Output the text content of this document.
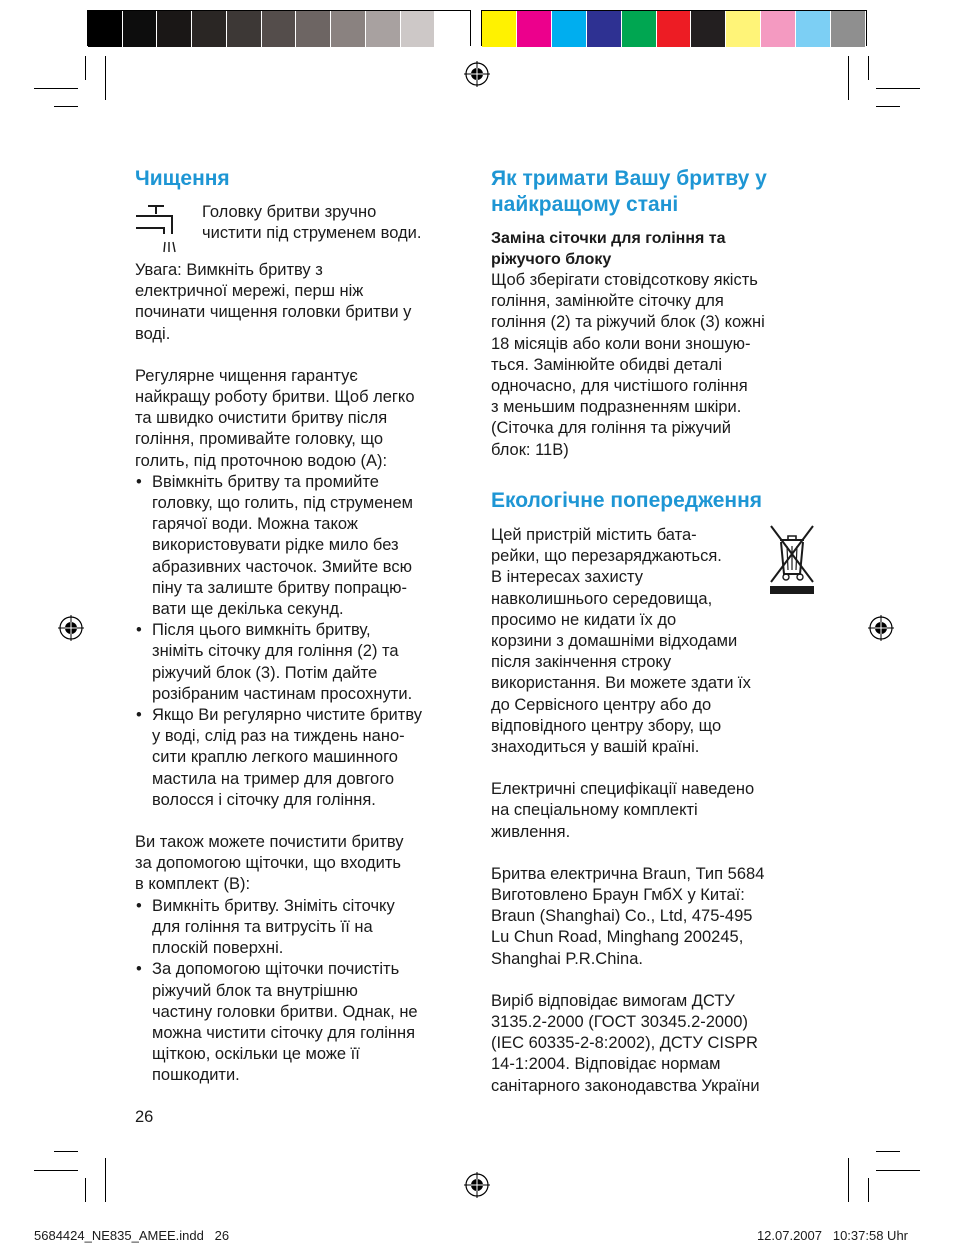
Чищення

Головку бритви зручно

чистити під струменем води.

Увага: Вимкніть бритву з

електричної мережі, перш ніж

починати чищення головки бритви у

воді.

Регулярне чищення гарантує

найкращу роботу бритви. Щоб легко

та швидко очистити бритву після

гоління, промивайте головку, що

голить, під проточною водою (А):

• Ввімкніть бритву та промийте

головку, що голить, під струменем

гарячої води. Можна також

використовувати рідке мило без

абразивних часточок. Змийте всю

піну та залиште бритву попрацю-

вати ще декілька секунд.

• Після цього вимкніть бритву,

зніміть сіточку для гоління (2) та

ріжучий блок (3). Потім дайте

розібраним частинам просохнути.

• Якщо Ви регулярно чистите бритву

у воді, слід раз на тиждень нано-

сити краплю легкого машинного

мастила на тример для довгого

волосся і сіточку для гоління.

Ви також можете почистити бритву

за допомогою щіточки, що входить

в комплект (В):

• Вимкніть бритву. Зніміть сіточку

для гоління та витрусіть її на

плоскій поверхні.

• За допомогою щіточки почистіть

ріжучий блок та внутрішню

частину головки бритви. Однак, не

можна чистити сіточку для гоління

щіткою, оскільки це може її

пошкодити.

26
Як тримати Вашу бритву у
найкращому стані

Заміна сіточки для гоління та

ріжучого блоку

Щоб зберігати стовідсоткову якість

гоління, замінюйте сіточку для

гоління (2) та ріжучий блок (3) кожні

18 місяців або коли вони зношую-

ться. Замінюйте обидві деталі

одночасно, для чистішого гоління

з меньшим подразненням шкіри.

(Сіточка для гоління та ріжучий

блок: 11B)

Екологічне попередження

Цей пристрій містить бата-

рейки, що перезаряджаються.

В інтересах захисту

навколишнього середовища,

просимо не кидати їх до

корзини з домашніми відходами

після закінчення строку

використання. Ви можете здати їх

до Сервісного центру або до

відповідного центру збору, що

знаходиться у вашій країні.

Електричні специфікації наведено

на спеціальному комплекті

живлення.

Бритва електрична Braun, Тип 5684

Виготовлено Браун ГмбХ у Китаї:

Braun (Shanghai) Co., Ltd, 475-495

Lu Chun Road, Minghang 200245,

Shanghai P.R.China.

Виріб відповідає вимогам ДСТУ

3135.2-2000 (ГОСТ 30345.2-2000)

(IEC 60335-2-8:2002), ДСТУ CISPR

14-1:2004. Відповідає нормам

санітарного законодавства України

5684424_NE835_AMEE.indd   26	12.07.2007   10:37:58 Uhr
